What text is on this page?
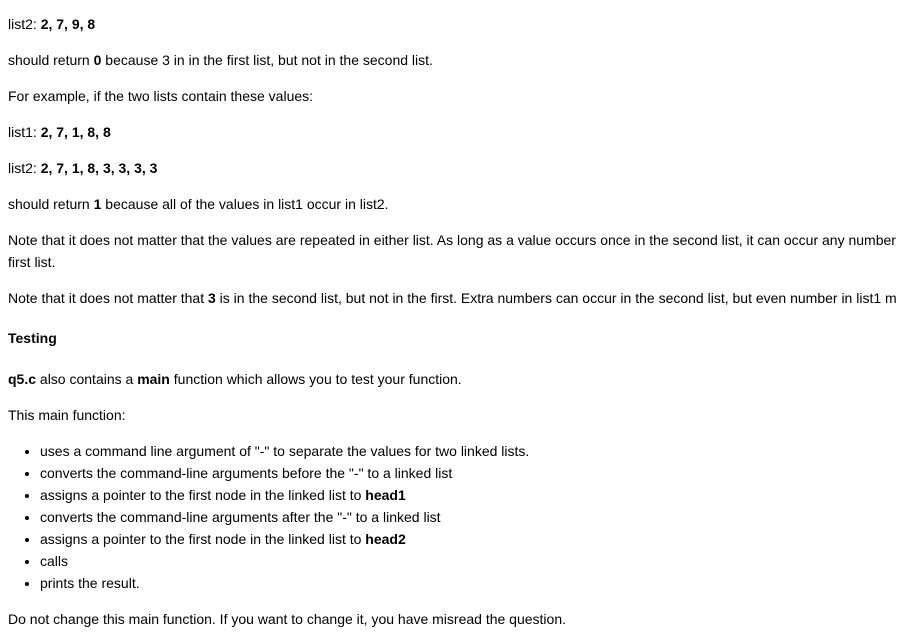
list2: 2, 7, 9, 8

should return 0 because 3 in in the first list, but not in the second list.

For example, if the two lists contain these values:

list1: 2, 7, 1, 8, 8

list2: 2, 7, 1, 8, 3, 3, 3, 3

should return 1 because all of the values in list1 occur in list2.

Note that it does not matter that the values are repeated in either list. As long as a value occurs once in the second list, it can occur any number
first list.
Note that it does not matter that 3 is in the second list, but not in the first. Extra numbers can occur in the second list, but even number in list1 m
Testing

q5.c also contains a main function which allows you to test your function.

This main function:

• uses a command line argument of "-" to separate the values for two linked lists.
• converts the command-line arguments before the "-" to a linked list
• assigns a pointer to the first node in the linked list to head1
• converts the command-line arguments after the "-" to a linked list
• assigns a pointer to the first node in the linked list to head2
• calls
• prints the result.

Do not change this main function. If you want to change it, you have misread the question.
